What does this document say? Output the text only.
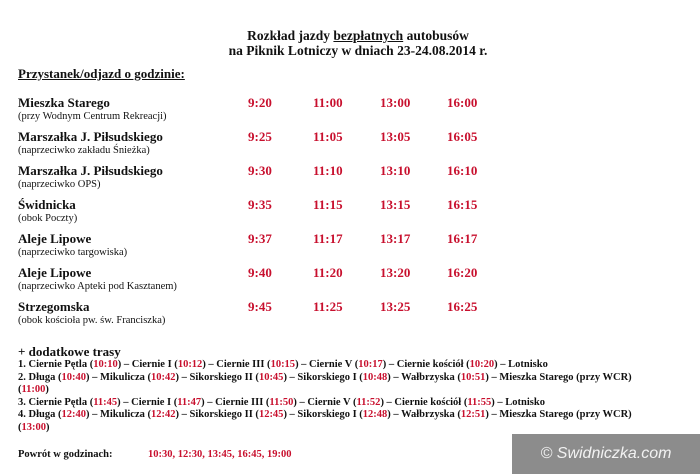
Rozkład jazdy bezpłatnych autobusów
na Piknik Lotniczy w dniach 23-24.08.2014 r.
Przystanek/odjazd o godzinie:
Mieszka Starego
(przy Wodnym Centrum Rekreacji)
9:20	11:00	13:00	16:00
Marszałka J. Piłsudskiego
(naprzeciwko zakładu Śnieżka)
9:25	11:05	13:05	16:05
Marszałka J. Piłsudskiego
(naprzeciwko OPS)
9:30	11:10	13:10	16:10
Świdnicka
(obok Poczty)
9:35	11:15	13:15	16:15
Aleje Lipowe
(naprzeciwko targowiska)
9:37	11:17	13:17	16:17
Aleje Lipowe
(naprzeciwko Apteki pod Kasztanem)
9:40	11:20	13:20	16:20
Strzegomska
(obok kościoła pw. św. Franciszka)
9:45	11:25	13:25	16:25
+ dodatkowe trasy
1. Ciernie Pętla (10:10) – Ciernie I (10:12) – Ciernie III (10:15) – Ciernie V (10:17) – Ciernie kościół (10:20) – Lotnisko
2. Długa (10:40) – Mikulicza (10:42) – Sikorskiego II (10:45) – Sikorskiego I (10:48) – Wałbrzyska (10:51) – Mieszka Starego (przy WCR)
(11:00)
3. Ciernie Pętla (11:45) – Ciernie I (11:47) – Ciernie III (11:50) – Ciernie V (11:52) – Ciernie kościół (11:55) – Lotnisko
4. Długa (12:40) – Mikulicza (12:42) – Sikorskiego II (12:45) – Sikorskiego I (12:48) – Wałbrzyska (12:51) – Mieszka Starego (przy WCR)
(13:00)
Powrót w godzinach:	10:30, 12:30, 13:45, 16:45, 19:00	© Swidniczka.com
